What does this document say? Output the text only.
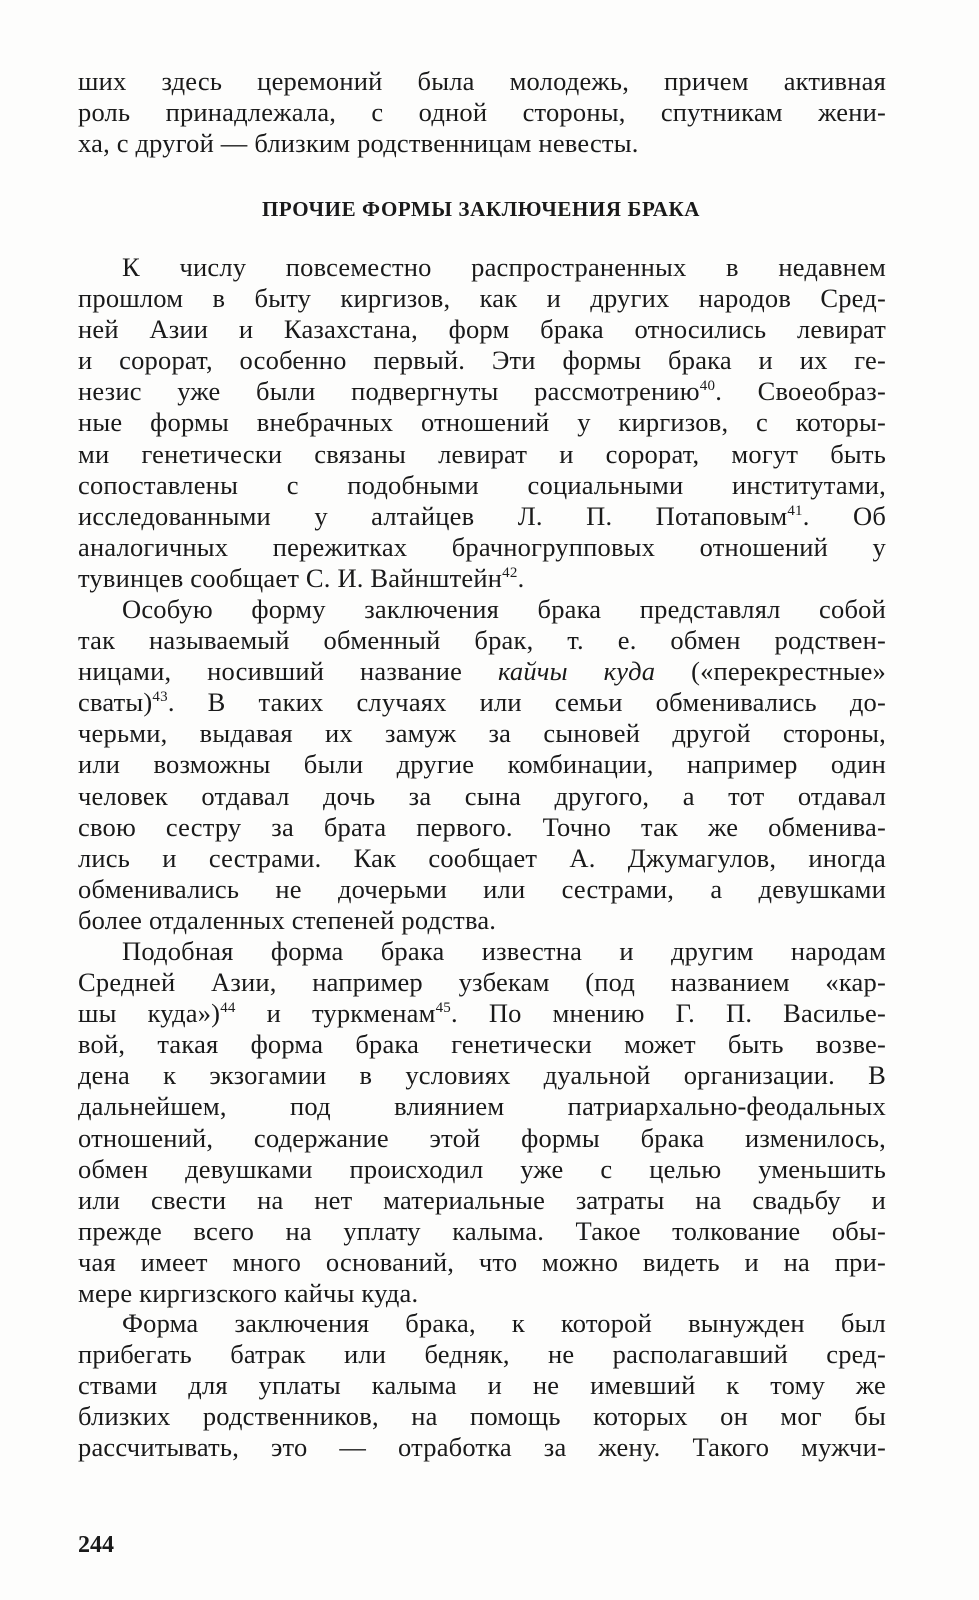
ших здесь церемоний была молодежь, причем активная
роль принадлежала, с одной стороны, спутникам жени-
ха, с другой — близким родственницам невесты.
ПРОЧИЕ ФОРМЫ ЗАКЛЮЧЕНИЯ БРАКА
К числу повсеместно распространенных в недавнем
прошлом в быту киргизов, как и других народов Сред-
ней Азии и Казахстана, форм брака относились левират
и сорорат, особенно первый. Эти формы брака и их ге-
незис уже были подвергнуты рассмотрению$^{40}$. Своеобраз-
ные формы внебрачных отношений у киргизов, с которы-
ми генетически связаны левират и сорорат, могут быть
сопоставлены с подобными социальными институтами,
исследованными у алтайцев Л. П. Потаповым$^{41}$. Об
аналогичных пережитках брачногрупповых отношений у
тувинцев сообщает С. И. Вайнштейн$^{42}$.
Особую форму заключения брака представлял собой
так называемый обменный брак, т. е. обмен родствен-
ницами, носивший название кайчы куда («перекрестные»
сваты)$^{43}$. В таких случаях или семьи обменивались до-
черьми, выдавая их замуж за сыновей другой стороны,
или возможны были другие комбинации, например один
человек отдавал дочь за сына другого, а тот отдавал
свою сестру за брата первого. Точно так же обменива-
лись и сестрами. Как сообщает А. Джумагулов, иногда
обменивались не дочерьми или сестрами, а девушками
более отдаленных степеней родства.
Подобная форма брака известна и другим народам
Средней Азии, например узбекам (под названием «кар-
шы куда»)$^{44}$ и туркменам$^{45}$. По мнению Г. П. Васильe-
вой, такая форма брака генетически может быть возве-
дена к экзогамии в условиях дуальной организации. В
дальнейшем, под влиянием патриархально-феодальных
отношений, содержание этой формы брака изменилось,
обмен девушками происходил уже с целью уменьшить
или свести на нет материальные затраты на свадьбу и
прежде всего на уплату калыма. Такое толкование обы-
чая имеет много оснований, что можно видеть и на при-
мере киргизского кайчы куда.
Форма заключения брака, к которой вынужден был
прибегать батрак или бедняк, не располагавший сред-
ствами для уплаты калыма и не имевший к тому же
близких родственников, на помощь которых он мог бы
рассчитывать, это — отработка за жену. Такого мужчи-
244
